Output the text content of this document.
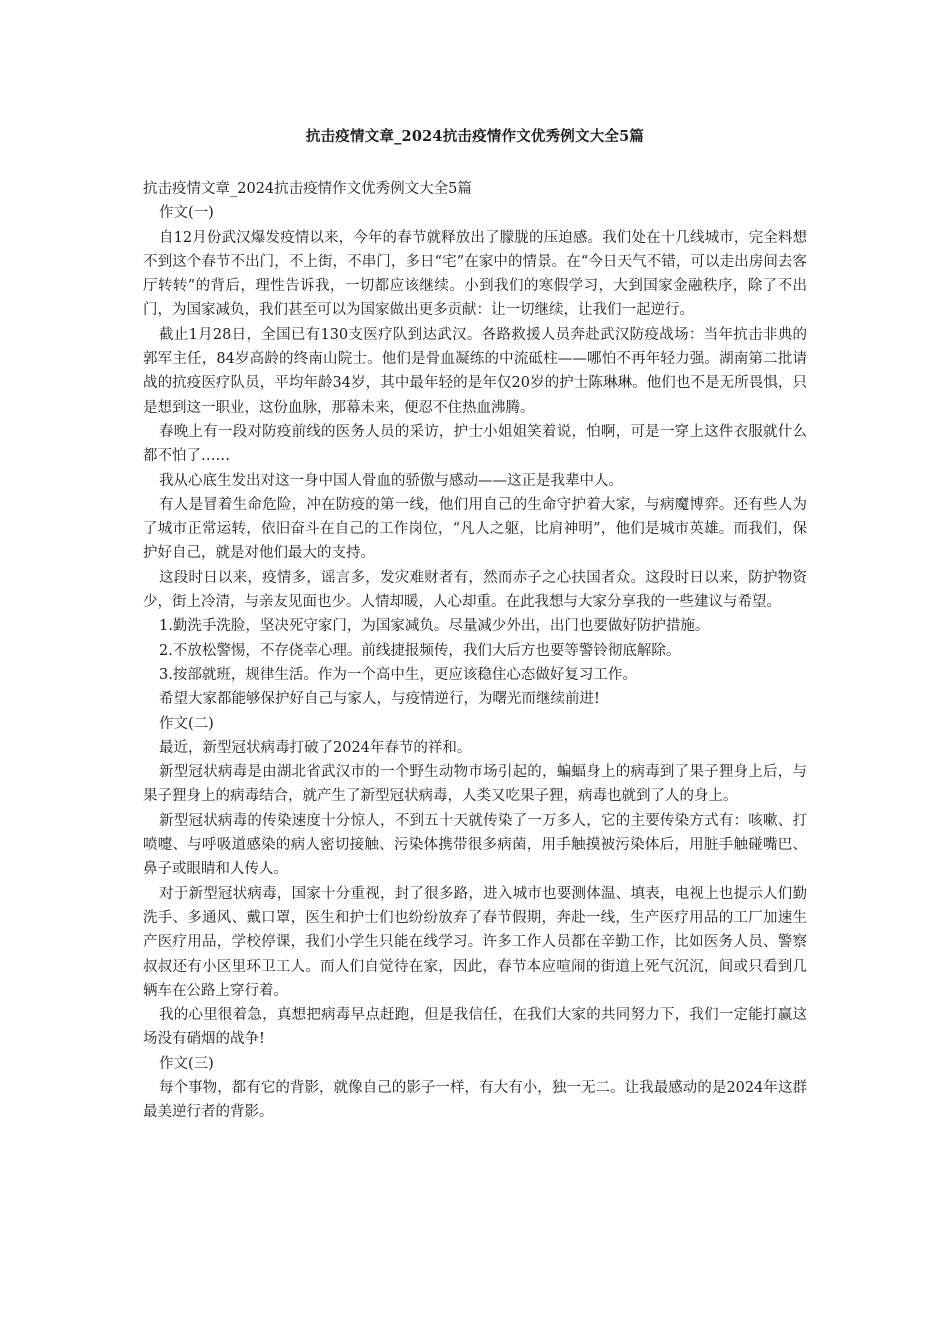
抗击疫情文章_2024抗击疫情作文优秀例文大全5篇

抗击疫情文章_2024抗击疫情作文优秀例文大全5篇

作文(一)

自12月份武汉爆发疫情以来，今年的春节就释放出了朦胧的压迫感。我们处在十几线城市，完全料想不到这个春节不出门，不上街，不串门，多日“宅”在家中的情景。在“今日天气不错，可以走出房间去客厅转转”的背后，理性告诉我，一切都应该继续。小到我们的寒假学习，大到国家金融秩序，除了不出门，为国家减负，我们甚至可以为国家做出更多贡献：让一切继续，让我们一起逆行。

截止1月28日，全国已有130支医疗队到达武汉。各路救援人员奔赴武汉防疫战场：当年抗击非典的郭军主任，84岁高龄的终南山院士。他们是骨血凝练的中流砥柱——哪怕不再年轻力强。湖南第二批请战的抗疫医疗队员，平均年龄34岁，其中最年轻的是年仅20岁的护士陈琳琳。他们也不是无所畏惧，只是想到这一职业，这份血脉，那幕未来，便忍不住热血沸腾。

春晚上有一段对防疫前线的医务人员的采访，护士小姐姐笑着说，怕啊，可是一穿上这件衣服就什么都不怕了……

我从心底生发出对这一身中国人骨血的骄傲与感动——这正是我辈中人。

有人是冒着生命危险，冲在防疫的第一线，他们用自己的生命守护着大家，与病魔博弈。还有些人为了城市正常运转，依旧奋斗在自己的工作岗位，“凡人之躯，比肩神明”，他们是城市英雄。而我们，保护好自己，就是对他们最大的支持。

这段时日以来，疫情多，谣言多，发灾难财者有，然而赤子之心扶国者众。这段时日以来，防护物资少，街上冷清，与亲友见面也少。人情却暖，人心却重。在此我想与大家分享我的一些建议与希望。

1.勤洗手洗脸，坚决死守家门，为国家减负。尽量减少外出，出门也要做好防护措施。

2.不放松警惕，不存侥幸心理。前线捷报频传，我们大后方也要等警铃彻底解除。

3.按部就班，规律生活。作为一个高中生，更应该稳住心态做好复习工作。

希望大家都能够保护好自己与家人，与疫情逆行，为曙光而继续前进!

作文(二)

最近，新型冠状病毒打破了2024年春节的祥和。

新型冠状病毒是由湖北省武汉市的一个野生动物市场引起的，蝙蝠身上的病毒到了果子狸身上后，与果子狸身上的病毒结合，就产生了新型冠状病毒，人类又吃果子狸，病毒也就到了人的身上。

新型冠状病毒的传染速度十分惊人，不到五十天就传染了一万多人，它的主要传染方式有：咳嗽、打喷嚏、与呼吸道感染的病人密切接触、污染体携带很多病菌，用手触摸被污染体后，用脏手触碰嘴巴、鼻子或眼睛和人传人。

对于新型冠状病毒，国家十分重视，封了很多路，进入城市也要测体温、填表，电视上也提示人们勤洗手、多通风、戴口罩，医生和护士们也纷纷放弃了春节假期，奔赴一线，生产医疗用品的工厂加速生产医疗用品，学校停课，我们小学生只能在线学习。许多工作人员都在辛勤工作，比如医务人员、警察叔叔还有小区里环卫工人。而人们自觉待在家，因此，春节本应喧闹的街道上死气沉沉，间或只看到几辆车在公路上穿行着。

我的心里很着急，真想把病毒早点赶跑，但是我信任，在我们大家的共同努力下，我们一定能打赢这场没有硝烟的战争!

作文(三)

每个事物，都有它的背影，就像自己的影子一样，有大有小，独一无二。让我最感动的是2024年这群最美逆行者的背影。
